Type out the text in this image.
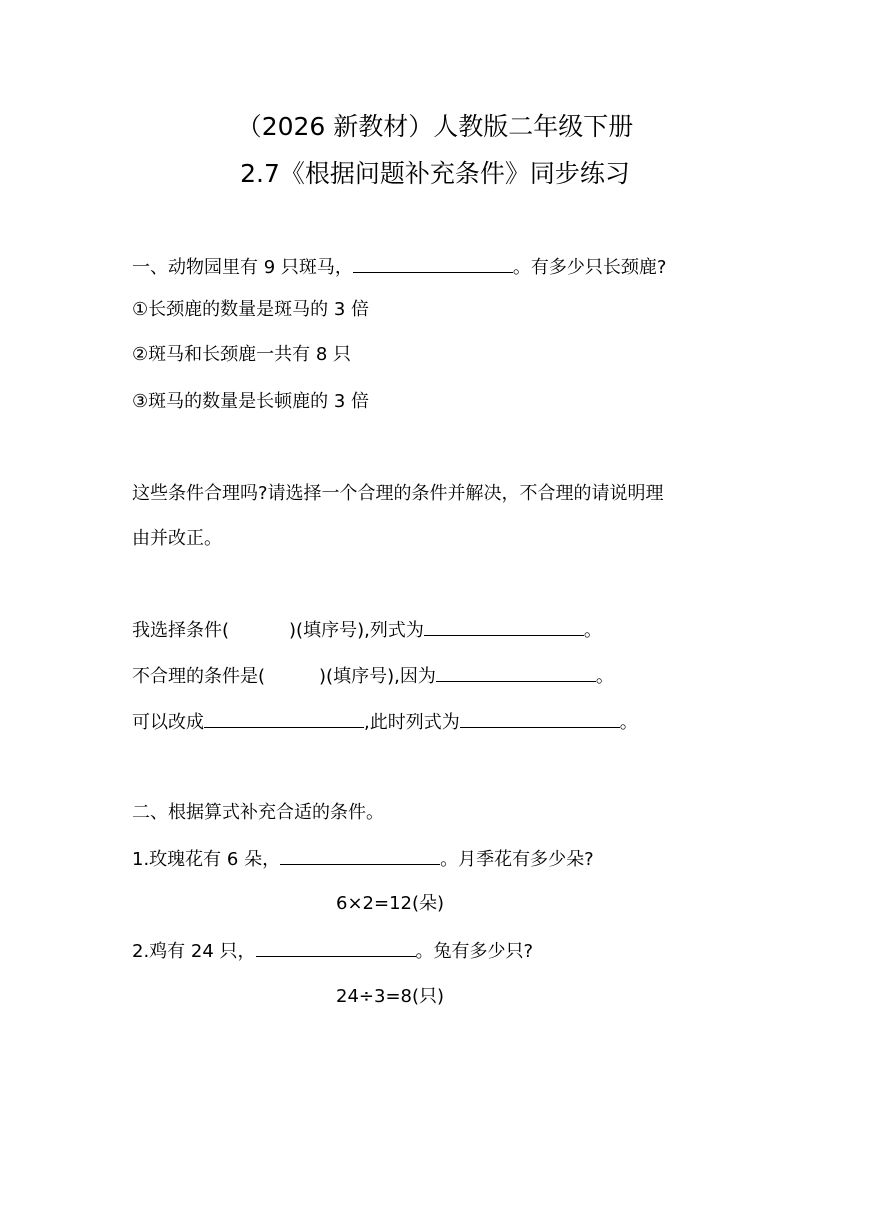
（2026 新教材）人教版二年级下册
2.7《根据问题补充条件》同步练习
一、动物园里有 9 只斑马，	。有多少只长颈鹿?
①长颈鹿的数量是斑马的 3 倍
②斑马和长颈鹿一共有 8 只
③斑马的数量是长顿鹿的 3 倍
这些条件合理吗?请选择一个合理的条件并解决，不合理的请说明理
由并改正。
我选择条件(	)(填序号),列式为	。
不合理的条件是(	)(填序号),因为	。
可以改成	,此时列式为	。
二、根据算式补充合适的条件。
1.玫瑰花有 6 朵，	。月季花有多少朵?
6×2=12(朵)
2.鸡有 24 只，	。兔有多少只?
24÷3=8(只)
